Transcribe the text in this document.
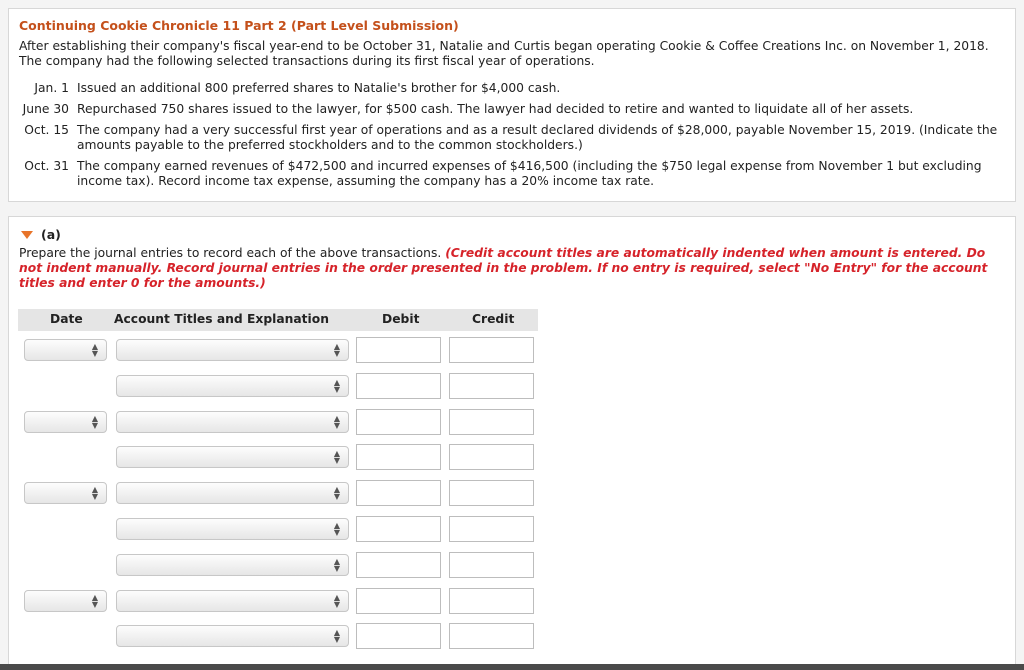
Continuing Cookie Chronicle 11 Part 2 (Part Level Submission)

After establishing their company's fiscal year-end to be October 31, Natalie and Curtis began operating Cookie & Coffee Creations Inc. on November 1, 2018. The company had the following selected transactions during its first fiscal year of operations.

Jan. 1 Issued an additional 800 preferred shares to Natalie's brother for $4,000 cash.
June 30 Repurchased 750 shares issued to the lawyer, for $500 cash. The lawyer had decided to retire and wanted to liquidate all of her assets.
Oct. 15 The company had a very successful first year of operations and as a result declared dividends of $28,000, payable November 15, 2019. (Indicate the amounts payable to the preferred stockholders and to the common stockholders.)
Oct. 31 The company earned revenues of $472,500 and incurred expenses of $416,500 (including the $750 legal expense from November 1 but excluding income tax). Record income tax expense, assuming the company has a 20% income tax rate.
(a)

Prepare the journal entries to record each of the above transactions. (Credit account titles are automatically indented when amount is entered. Do not indent manually. Record journal entries in the order presented in the problem. If no entry is required, select "No Entry" for the account titles and enter 0 for the amounts.)

Date	Account Titles and Explanation	Debit	Credit
▲
▼
▲
▼
▲
▼
▲
▼
▲
▼
▲
▼
▲
▼
▲
▼
▲
▼
▲
▼
▲
▼
▲
▼
▲
▼
